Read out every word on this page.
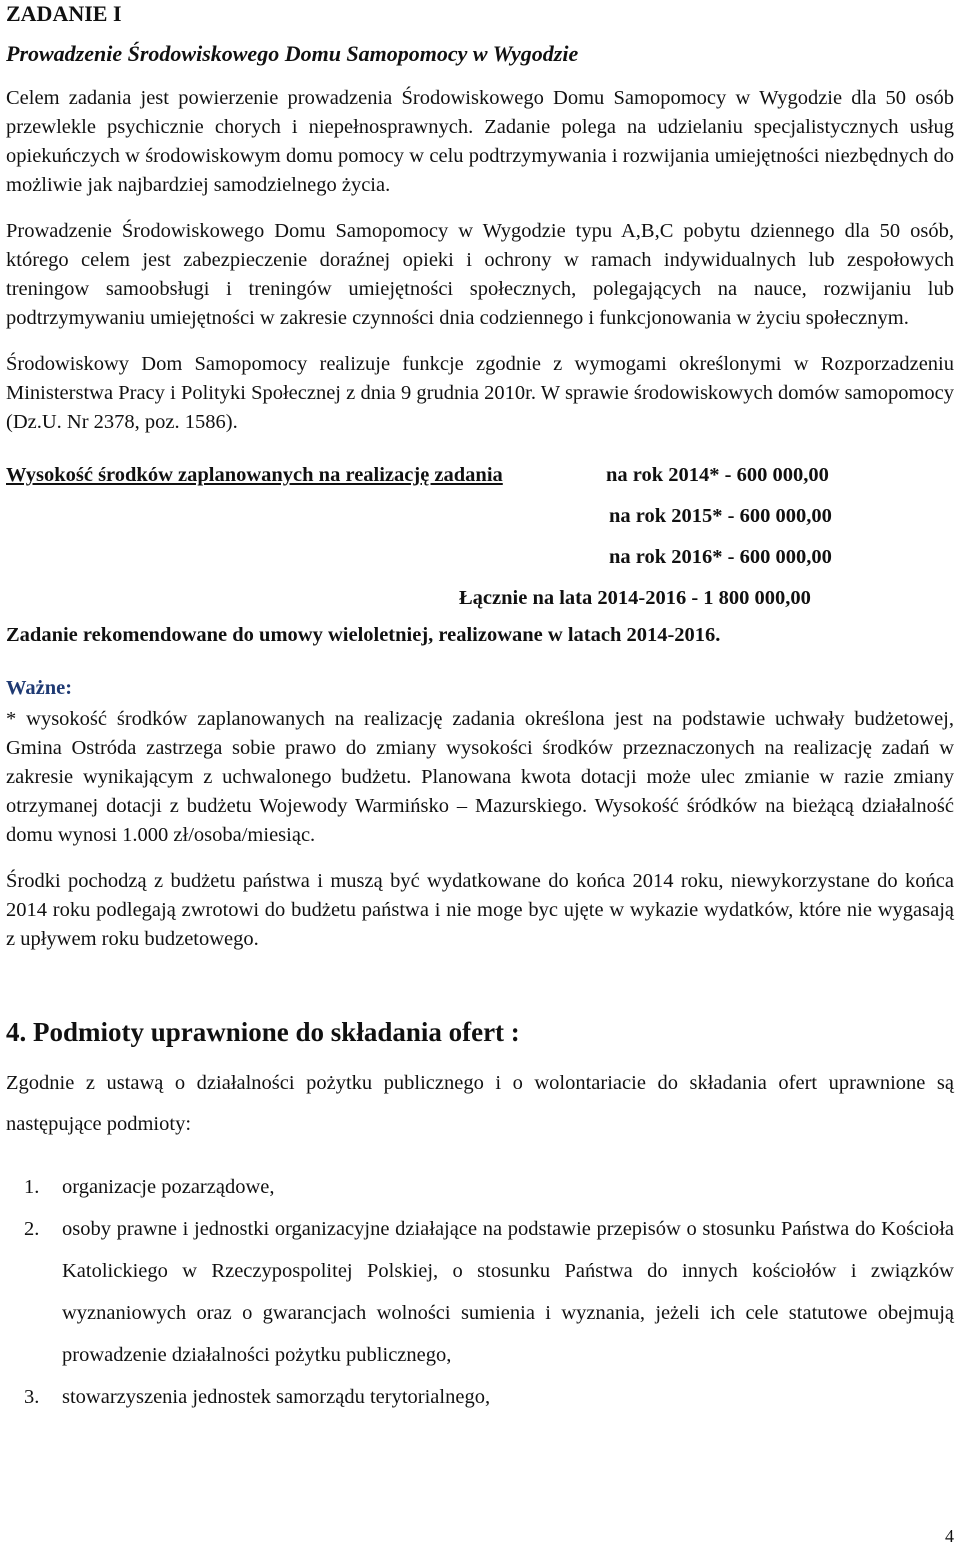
ZADANIE I
Prowadzenie Środowiskowego Domu Samopomocy w Wygodzie

Celem zadania jest powierzenie prowadzenia Środowiskowego Domu Samopomocy w Wygodzie dla 50 osób przewlekle psychicznie chorych i niepełnosprawnych. Zadanie polega na udzielaniu specjalistycznych usług opiekuńczych w środowiskowym domu pomocy w celu podtrzymywania i rozwijania umiejętności niezbędnych do możliwie jak najbardziej samodzielnego życia.

Prowadzenie Środowiskowego Domu Samopomocy w Wygodzie typu A,B,C pobytu dziennego dla 50 osób, którego celem jest zabezpieczenie doraźnej opieki i ochrony w ramach indywidualnych lub zespołowych treningow samoobsługi i treningów umiejętności społecznych, polegających na nauce, rozwijaniu lub podtrzymywaniu umiejętności w zakresie czynności dnia codziennego i funkcjonowania w życiu społecznym.

Środowiskowy Dom Samopomocy realizuje funkcje zgodnie z wymogami określonymi w Rozporzadzeniu Ministerstwa Pracy i Polityki Społecznej z dnia 9 grudnia 2010r. W sprawie środowiskowych domów samopomocy (Dz.U. Nr 2378, poz. 1586).

Wysokość środków zaplanowanych na realizację zadania	na rok 2014* - 600 000,00
na rok 2015* - 600 000,00
na rok 2016* - 600 000,00
Łącznie na lata 2014-2016 - 1 800 000,00
Zadanie rekomendowane do umowy wieloletniej, realizowane w latach 2014-2016.
Ważne:

* wysokość środków zaplanowanych na realizację zadania określona jest na podstawie uchwały budżetowej, Gmina Ostróda zastrzega sobie prawo do zmiany wysokości środków przeznaczonych na realizację zadań w zakresie wynikającym z uchwalonego budżetu. Planowana kwota dotacji może ulec zmianie w razie zmiany otrzymanej dotacji z budżetu Wojewody Warmińsko – Mazurskiego. Wysokość śródków na bieżącą działalność domu wynosi 1.000 zł/osoba/miesiąc.

Środki pochodzą z budżetu państwa i muszą być wydatkowane do końca 2014 roku, niewykorzystane do końca 2014 roku podlegają zwrotowi do budżetu państwa i nie moge byc ujęte w wykazie wydatków, które nie wygasają z upływem roku budzetowego.

4. Podmioty uprawnione do składania ofert :

Zgodnie z ustawą o działalności pożytku publicznego i o wolontariacie do składania ofert uprawnione są następujące podmioty:

1.	organizacje pozarządowe,
2.	osoby prawne i jednostki organizacyjne działające na podstawie przepisów o stosunku Państwa do Kościoła Katolickiego w Rzeczypospolitej Polskiej, o stosunku Państwa do innych kościołów i związków wyznaniowych oraz o gwarancjach wolności sumienia i wyznania, jeżeli ich cele statutowe obejmują prowadzenie działalności pożytku publicznego,
3.	stowarzyszenia jednostek samorządu terytorialnego,
4
